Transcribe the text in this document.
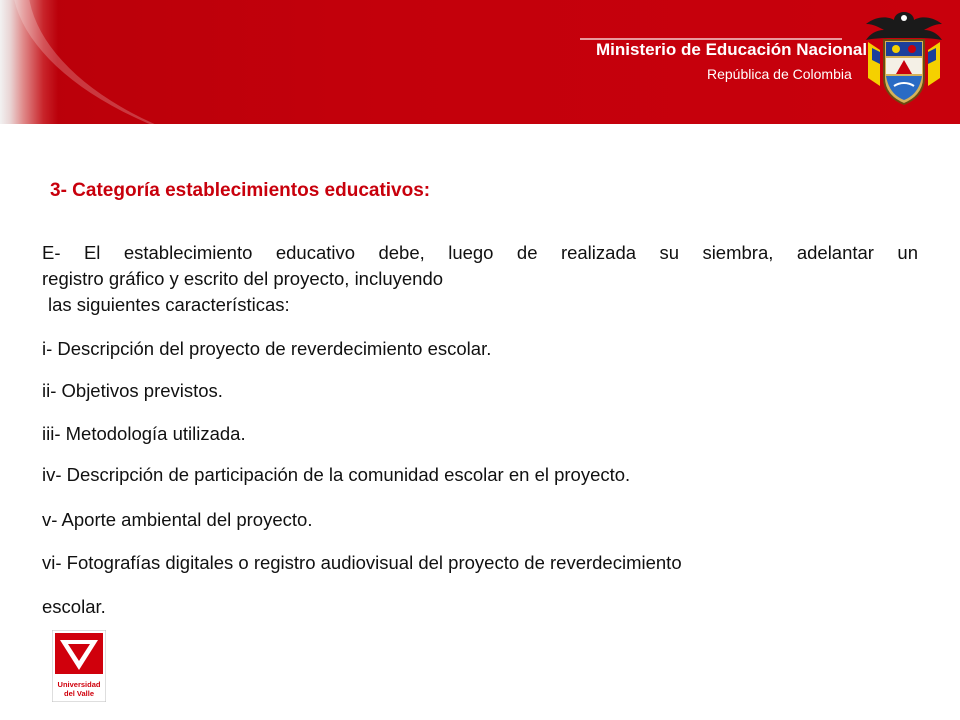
Ministerio de Educación Nacional
República de Colombia
3- Categoría establecimientos educativos:
E- El establecimiento educativo debe, luego de realizada su siembra, adelantar un
registro gráfico y escrito del proyecto, incluyendo
las siguientes características:
i- Descripción del proyecto de reverdecimiento escolar.
ii- Objetivos previstos.
iii- Metodología utilizada.
iv- Descripción de participación de la comunidad escolar en el proyecto.
v- Aporte ambiental del proyecto.
vi- Fotografías digitales o registro audiovisual del proyecto de reverdecimiento
escolar.
Universidad
del Valle
